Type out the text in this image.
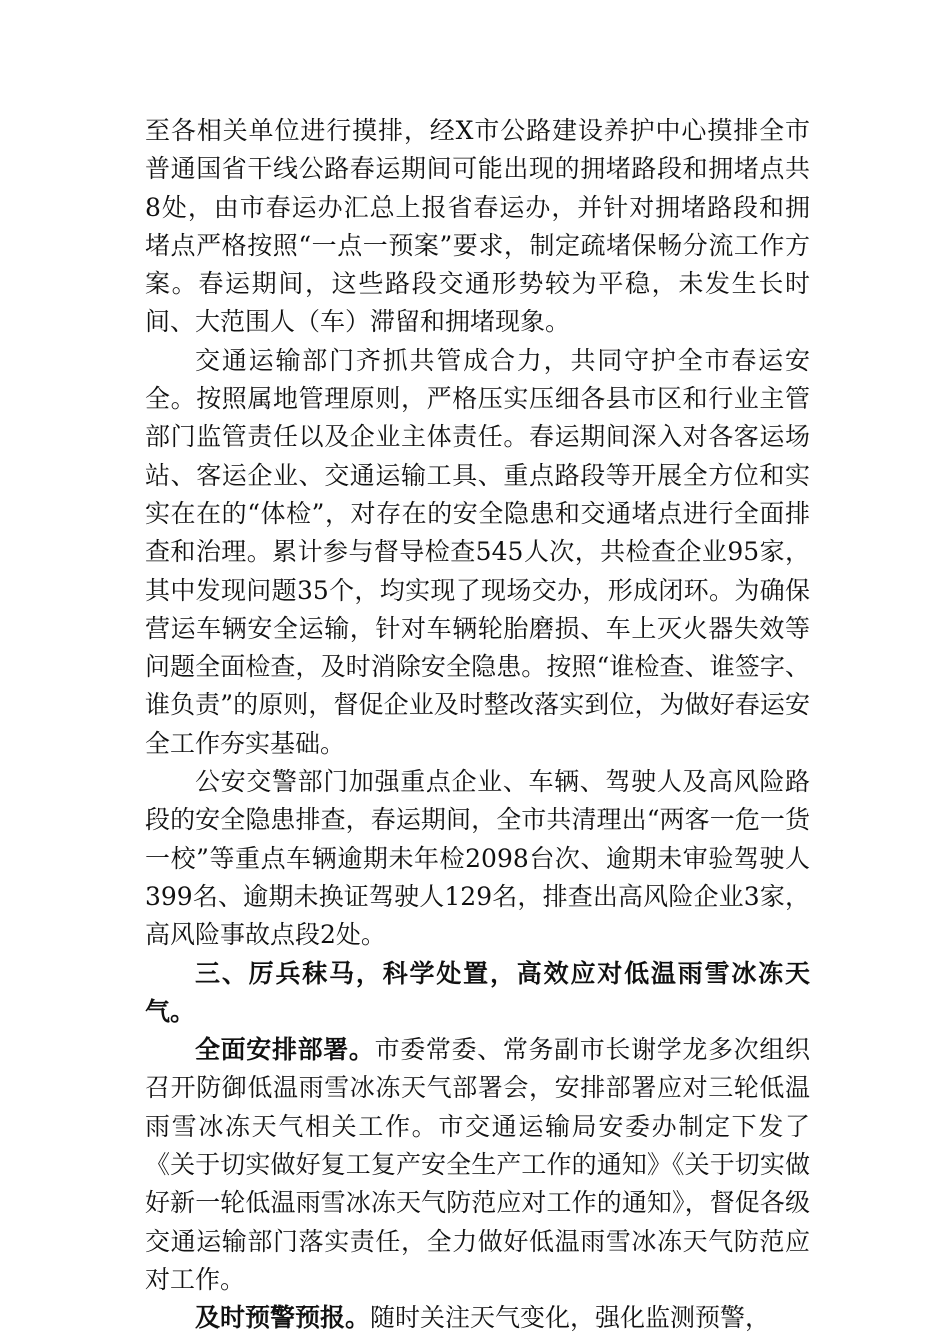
至各相关单位进行摸排，经X市公路建设养护中心摸排全市普通国省干线公路春运期间可能出现的拥堵路段和拥堵点共8处，由市春运办汇总上报省春运办，并针对拥堵路段和拥堵点严格按照“一点一预案”要求，制定疏堵保畅分流工作方案。春运期间，这些路段交通形势较为平稳，未发生长时间、大范围人（车）滞留和拥堵现象。

交通运输部门齐抓共管成合力，共同守护全市春运安全。按照属地管理原则，严格压实压细各县市区和行业主管部门监管责任以及企业主体责任。春运期间深入对各客运场站、客运企业、交通运输工具、重点路段等开展全方位和实实在在的“体检”，对存在的安全隐患和交通堵点进行全面排查和治理。累计参与督导检查545人次，共检查企业95家，其中发现问题35个，均实现了现场交办，形成闭环。为确保营运车辆安全运输，针对车辆轮胎磨损、车上灭火器失效等问题全面检查，及时消除安全隐患。按照“谁检查、谁签字、谁负责”的原则，督促企业及时整改落实到位，为做好春运安全工作夯实基础。

公安交警部门加强重点企业、车辆、驾驶人及高风险路段的安全隐患排查，春运期间，全市共清理出“两客一危一货一校”等重点车辆逾期未年检2098台次、逾期未审验驾驶人399名、逾期未换证驾驶人129名，排查出高风险企业3家，高风险事故点段2处。

三、厉兵秣马，科学处置，高效应对低温雨雪冰冻天气。

全面安排部署。市委常委、常务副市长谢学龙多次组织召开防御低温雨雪冰冻天气部署会，安排部署应对三轮低温雨雪冰冻天气相关工作。市交通运输局安委办制定下发了《关于切实做好复工复产安全生产工作的通知》《关于切实做好新一轮低温雨雪冰冻天气防范应对工作的通知》，督促各级交通运输部门落实责任，全力做好低温雨雪冰冻天气防范应对工作。

及时预警预报。随时关注天气变化，强化监测预警，
